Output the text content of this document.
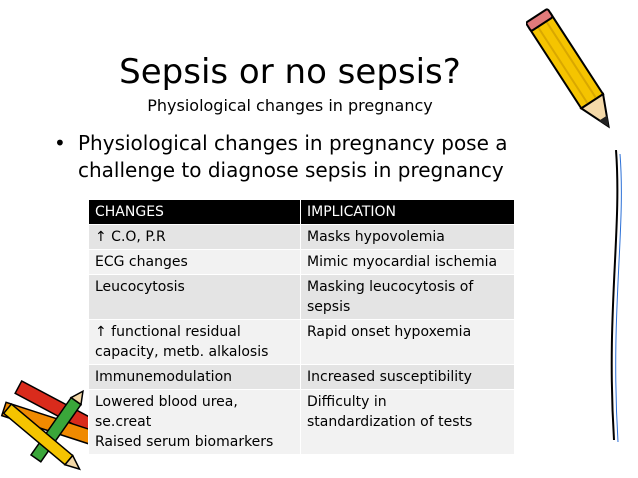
Sepsis or no sepsis?
Physiological changes in pregnancy
• Physiological changes in pregnancy pose a
challenge to diagnose sepsis in pregnancy
CHANGES	IMPLICATION

↑ C.O, P.R	Masks hypovolemia

ECG changes	Mimic myocardial ischemia

Leucocytosis	Masking leucocytosis of
sepsis

↑ functional residual
capacity, metb. alkalosis	Rapid onset hypoxemia

Immunemodulation	Increased susceptibility

Lowered blood urea,
se.creat
Raised serum biomarkers	Difficulty in
standardization of tests
